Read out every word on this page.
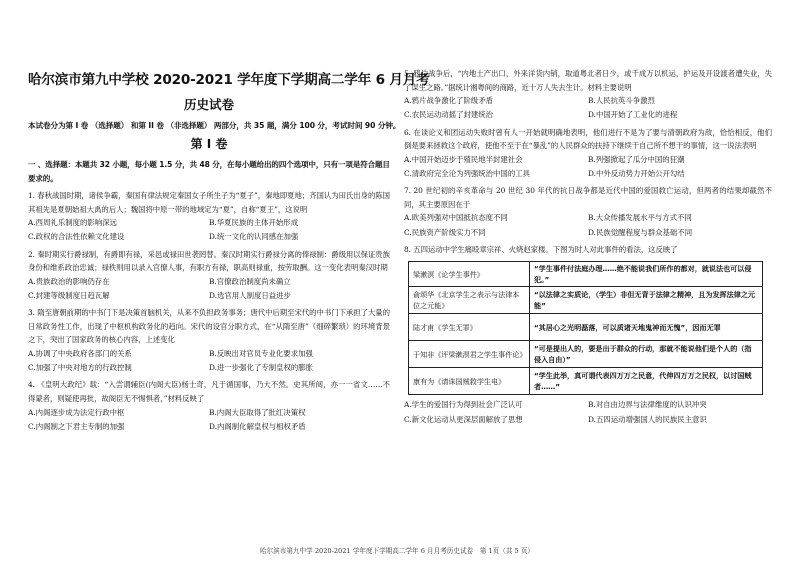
哈尔滨市第九中学校 2020-2021 学年度下学期高二学年 6 月月考
历史试卷
本试卷分为第 I 卷 （选择题） 和第 II 卷 （非选择题） 两部分，共 35 题，满分 100 分，考试时间 90 分钟。
第 I 卷
一 、选择题：本题共 32 小题，每小题 1.5 分，共 48 分，在每小题给出的四个选项中，只有一项是符合题目要求的。
1. 春秋战国时期，诸侯争霸，秦国有律法规定秦国女子所生子为“夏子”，秦地即夏地；齐国认为田氏出身的陈国其祖先是夏朝始祖大禹的后人；魏国将中原一带的地域定为“夏”，自称“夏王”，这说明
A.西周礼乐制度的影响深远	B.华夏民族的主体开始形成
C.政权的合法性依赖文化建设	D.统一文化的认同感在加强
2. 秦时期实行爵禄制，有爵即有禄，采邑或禄田世袭罔替。秦汉时期实行爵禄分离的俸禄制：爵级用以保证贵族身份和维系政治忠诚；禄秩则用以录入官僚人事，有职方有禄，职高则禄重，按劳取酬。这一变化表明秦汉时期
A.贵族政治的影响仍存在	B.官僚政治制度尚未确立
C.封建等级制度日趋瓦解	D.选官用人制度日益进步
3. 隋至唐朝前期的中书门下是决策首脑机关，从来不负担政务事务；唐代中后期至宋代的中书门下承担了大量的日常政务性工作，出现了中枢机构政务化的趋向。宋代的设官分职方式，在“从隋至唐”（细碎繁琐）的环境背景之下，突出了国家政务的核心内容，上述变化
A.协调了中央政府各部门的关系	B.反映出对官员专业化要求加强
C.加强了中央对地方的行政控制	D.进一步强化了专制皇权的膨胀
4. 《皇明大政纪》载：“入尝谓辅臣(内阁大臣)杨士奇，凡于循国事，乃大不然。史其所阅，亦一一省文……不得蒙者，则疑使再批，故阁臣无不惕惧者，”材料反映了
A.内阁逐步成为法定行政中枢	B.内阁大臣取得了批红决策权
C.内阁制之下君主专制的加强	D.内阁制化解皇权与相权矛盾
5. 鸦片战争后，“内地土产出口，外来洋货内销，取道粤北者日少，或千成万以机运，护运及开设渡者遭失业，失了谋生之路。”据统计湘粤间的商路，近十万人失去生计。材料主要说明
A.鸦片战争激化了阶级矛盾	B.人民抗英斗争激烈
C.农民运动动摇了封建统治	D.中国开始了工业化的进程
6. 在谈论义和团运动失败时曾有人一开始就明确地表明，他们进行不是为了要与清朝政府为敌，恰恰相反，他们倒是要来拯救这个政府，使他不至于在“暴乱”的人民群众的扶持下继续干自己所不想干的事情，这一说法表明
A.中国开始迈步于殖民地半封建社会	B.列强掀起了瓜分中国的狂潮
C.清政府完全沦为列强统治中国的工具	D.中外反动势力开始公开勾结
7. 20 世纪初的辛亥革命与 20 世纪 30 年代的抗日战争都是近代中国的爱国救亡运动，但两者的结果却截然不同，其主要原因在于
A.欧美列强对中国抵抗态度不同	B.大众传播发展水平与方式不同
C.民族资产阶级实力不同	D.民族觉醒程度与群众基础不同
8. 五四运动中学生痛殴章宗祥、火烧赵家楼。下图为时人对此事件的看法，这反映了
梁漱溟《论学生事件》	“学生事件付法庭办理……绝不能说我们所作的都对，就说法也可以侵犯。”
俞颂华《北京学生之表示与法律本位之元能》	“以法律之实质论，（学生）非但无背于法律之精神，且为发挥法律之元能”
陆才甫《学生无罪》	“其居心之光明磊落，可以质诸天地鬼神而无愧”，因而无罪
于知非《评梁漱溟君之学生事件论》	“可是提出人的，要是出于群众的行动，那就不能说他们是个人的（指侵入自由）”
康有为《请诛国贼救学生电》	“学生此举，真可谓代表四万万之民意，代伸四万万之民权，以讨国贼者……”
A.学生的爱国行为得到社会广泛认可	B.对自由边界与法律维度的认识冲突
C.新文化运动从更深层面解放了思想	D.五四运动增强国人的民族民主意识
哈尔滨市第九中学 2020-2021 学年度下学期高二学年 6 月月考历史试卷　第 1页（共 5 页）
